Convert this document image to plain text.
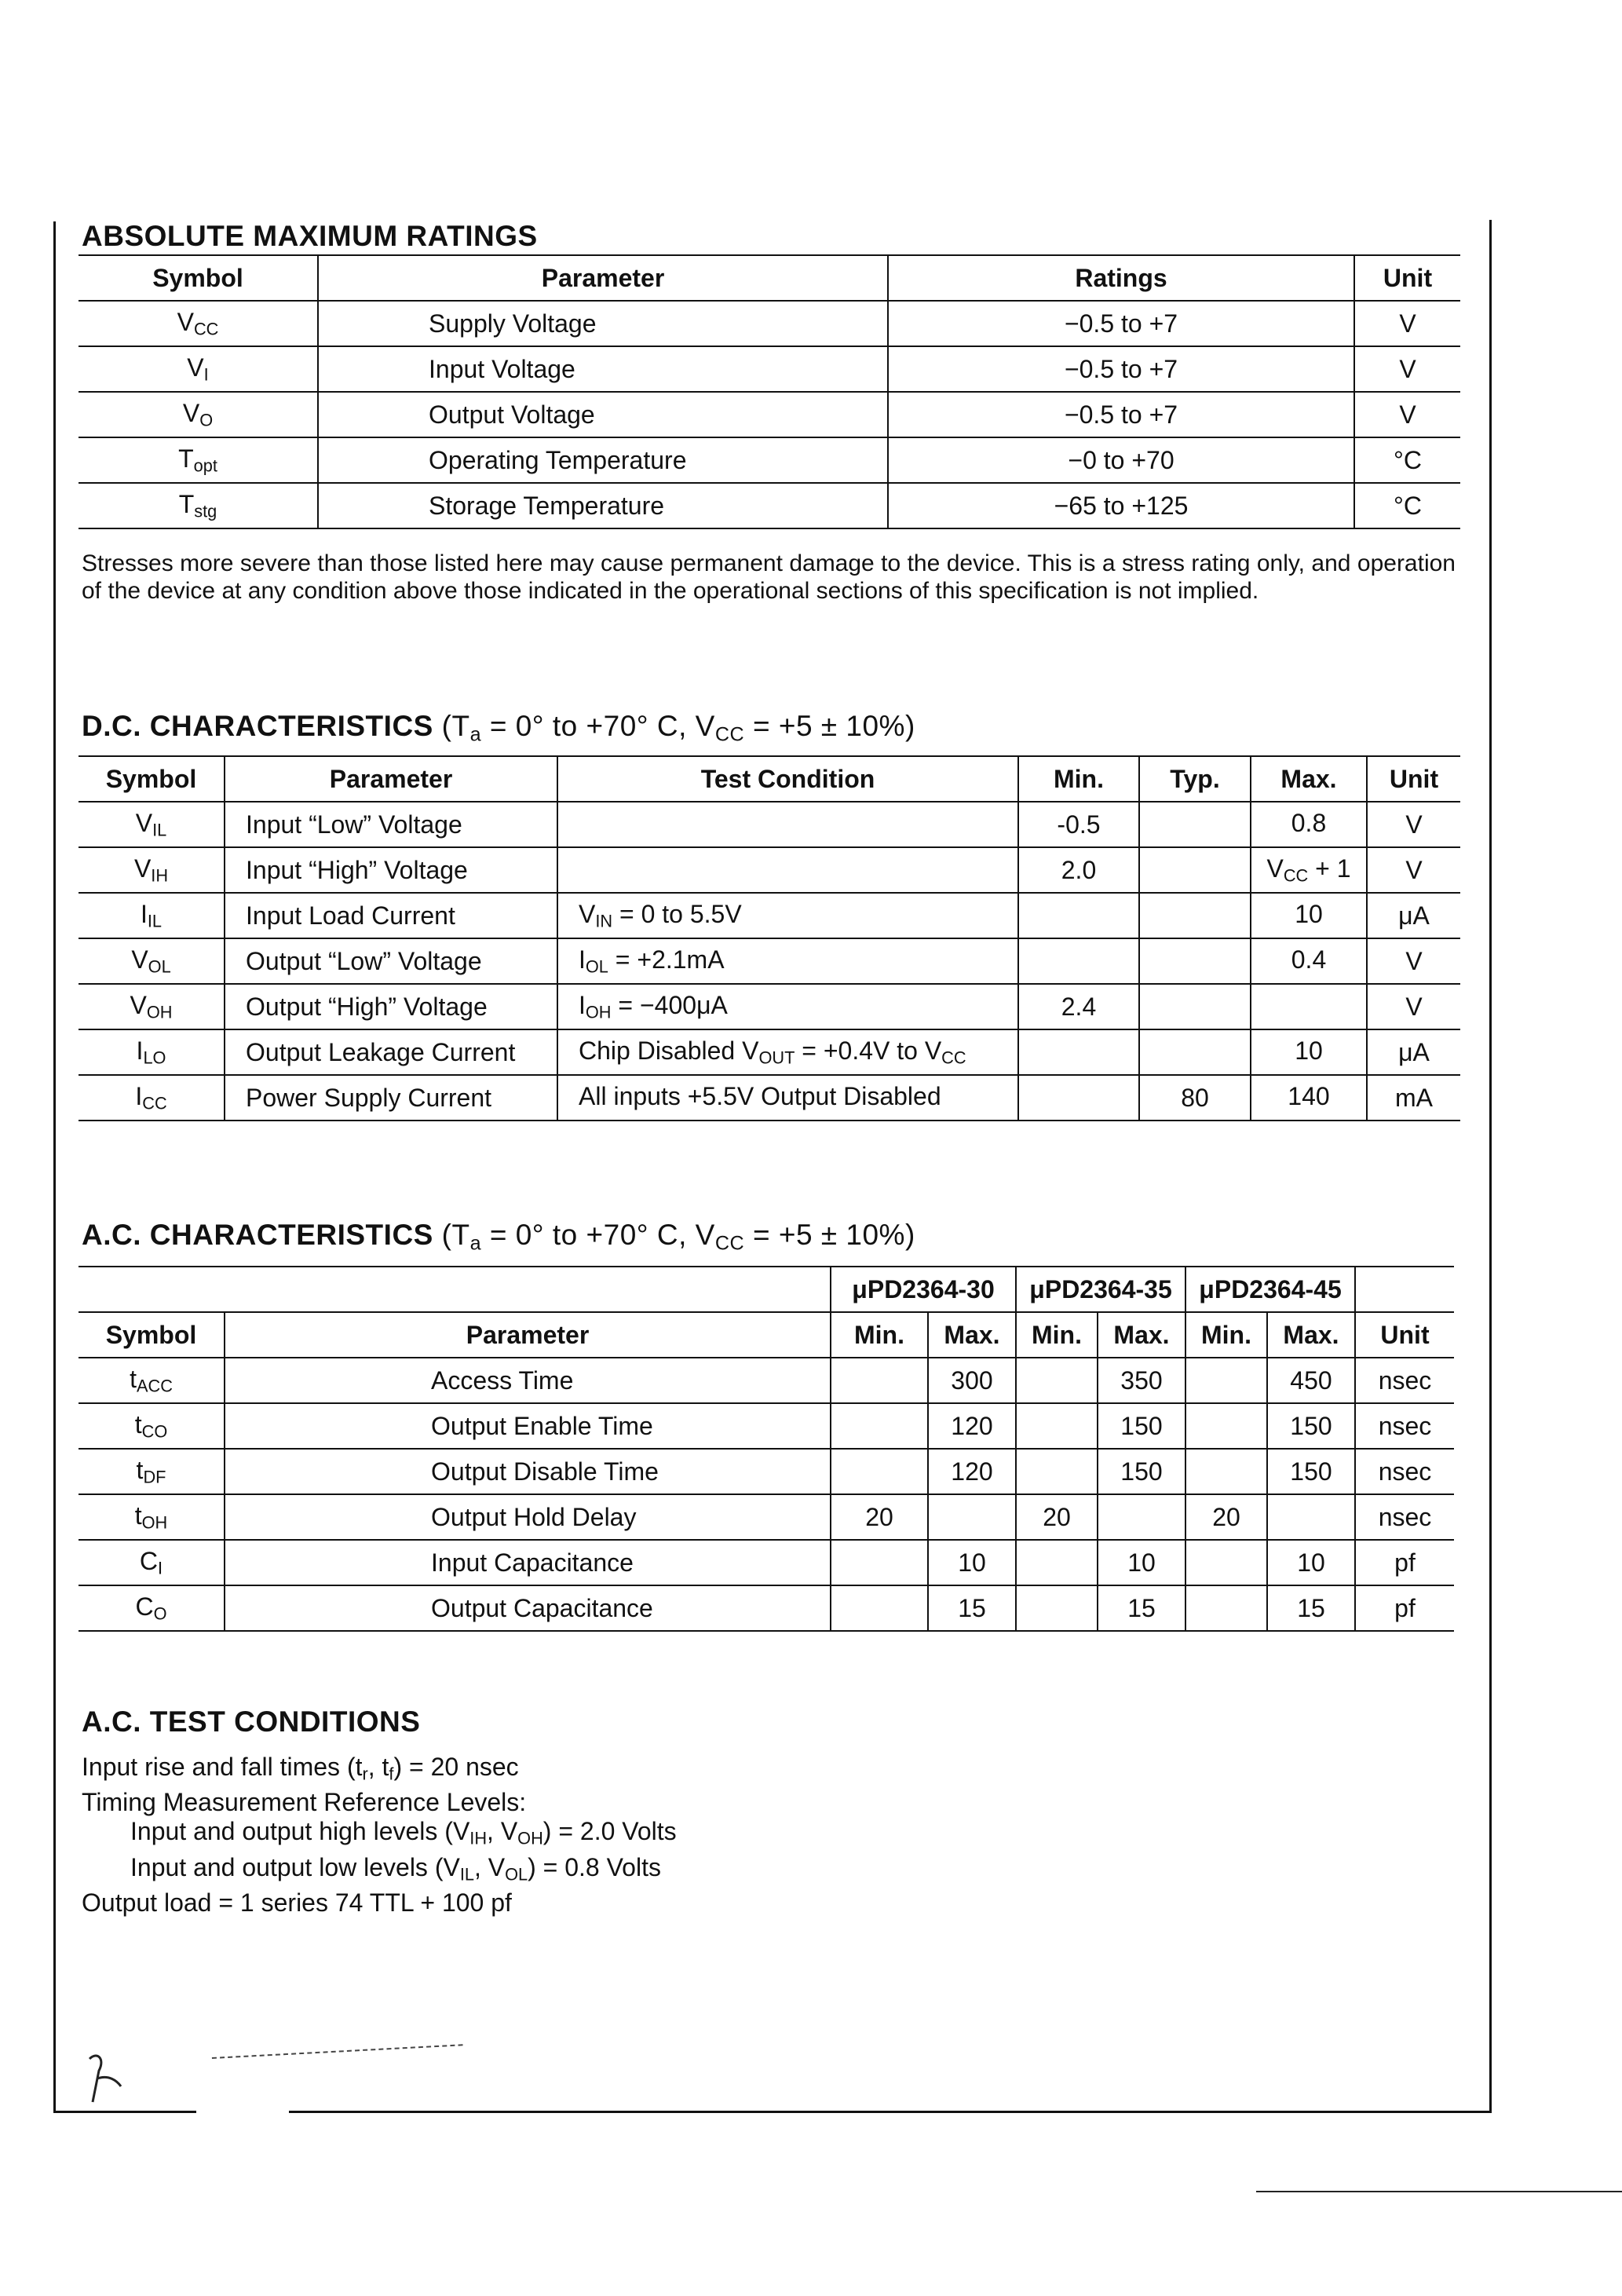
ABSOLUTE MAXIMUM RATINGS
Symbol	Parameter	Ratings	Unit
$V_{CC}$	Supply Voltage	−0.5 to +7	V
$V_I$	Input Voltage	−0.5 to +7	V
$V_O$	Output Voltage	−0.5 to +7	V
$T_{opt}$	Operating Temperature	−0 to +70	°C
$T_{stg}$	Storage Temperature	−65 to +125	°C

Stresses more severe than those listed here may cause permanent damage to the device. This is a stress rating only, and operation of the device at any condition above those indicated in the operational sections of this specification is not implied.

D.C. CHARACTERISTICS ($T_a = 0^\circ$ to +70° C, $V_{CC} = +5 \pm 10\%$)
Symbol	Parameter	Test Condition	Min.	Typ.	Max.	Unit
$V_{IL}$	Input “Low” Voltage		-0.5		0.8	V
$V_{IH}$	Input “High” Voltage		2.0		$V_{CC} + 1$	V
$I_{IL}$	Input Load Current	$V_{IN} = 0$ to 5.5V			10	μA
$V_{OL}$	Output “Low” Voltage	$I_{OL} = +2.1mA$			0.4	V
$V_{OH}$	Output “High” Voltage	$I_{OH} = -400\mu A$	2.4			V
$I_{LO}$	Output Leakage Current	Chip Disabled $V_{OUT} = +0.4V$ to $V_{CC}$			10	μA
$I_{CC}$	Power Supply Current	All inputs +5.5V Output Disabled		80	140	mA
A.C. CHARACTERISTICS ($T_a = 0^\circ$ to +70° C, $V_{CC} = +5 \pm 10\%$)
		μPD2364-30		μPD2364-35		μPD2364-45		
Symbol	Parameter	Min.	Max.	Min.	Max.	Min.	Max.	Unit
$t_{ACC}$	Access Time		300		350		450	nsec
$t_{CO}$	Output Enable Time		120		150		150	nsec
$t_{DF}$	Output Disable Time		120		150		150	nsec
$t_{OH}$	Output Hold Delay	20		20		20		nsec
$C_I$	Input Capacitance		10		10		10	pf
$C_O$	Output Capacitance		15		15		15	pf
A.C. TEST CONDITIONS
Input rise and fall times ($t_r$, $t_f) = 20$ nsec
Timing Measurement Reference Levels:
Input and output high levels ($V_{IH}$, $V_{OH}) = 2.0$ Volts
Input and output low levels ($V_{IL}$, $V_{OL}) = 0.8$ Volts
Output load = 1 series 74 TTL + 100 pf
